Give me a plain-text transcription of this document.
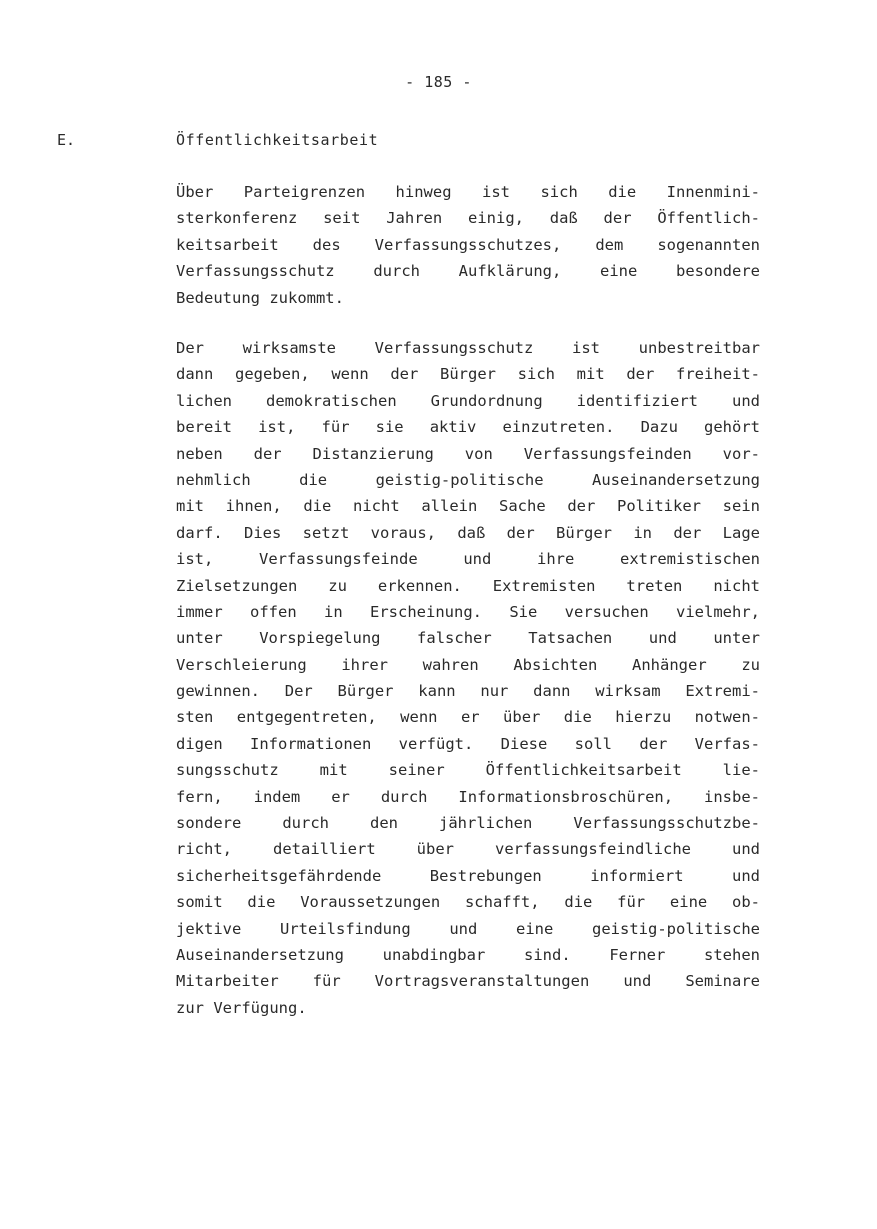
- 185 -
E.	Öffentlichkeitsarbeit
Über Parteigrenzen hinweg ist sich die Innenmini-
sterkonferenz seit Jahren einig, daß der Öffentlich-
keitsarbeit des Verfassungsschutzes, dem sogenannten
Verfassungsschutz durch Aufklärung, eine besondere
Bedeutung zukommt.
Der wirksamste Verfassungsschutz ist unbestreitbar
dann gegeben, wenn der Bürger sich mit der freiheit-
lichen demokratischen Grundordnung identifiziert und
bereit ist, für sie aktiv einzutreten. Dazu gehört
neben der Distanzierung von Verfassungsfeinden vor-
nehmlich die geistig-politische Auseinandersetzung
mit ihnen, die nicht allein Sache der Politiker sein
darf. Dies setzt voraus, daß der Bürger in der Lage
ist, Verfassungsfeinde und ihre extremistischen
Zielsetzungen zu erkennen. Extremisten treten nicht
immer offen in Erscheinung. Sie versuchen vielmehr,
unter Vorspiegelung falscher Tatsachen und unter
Verschleierung ihrer wahren Absichten Anhänger zu
gewinnen. Der Bürger kann nur dann wirksam Extremi-
sten entgegentreten, wenn er über die hierzu notwen-
digen Informationen verfügt. Diese soll der Verfas-
sungsschutz mit seiner Öffentlichkeitsarbeit lie-
fern, indem er durch Informationsbroschüren, insbe-
sondere durch den jährlichen Verfassungsschutzbe-
richt, detailliert über verfassungsfeindliche und
sicherheitsgefährdende Bestrebungen informiert und
somit die Voraussetzungen schafft, die für eine ob-
jektive Urteilsfindung und eine geistig-politische
Auseinandersetzung unabdingbar sind. Ferner stehen
Mitarbeiter für Vortragsveranstaltungen und Seminare
zur Verfügung.
